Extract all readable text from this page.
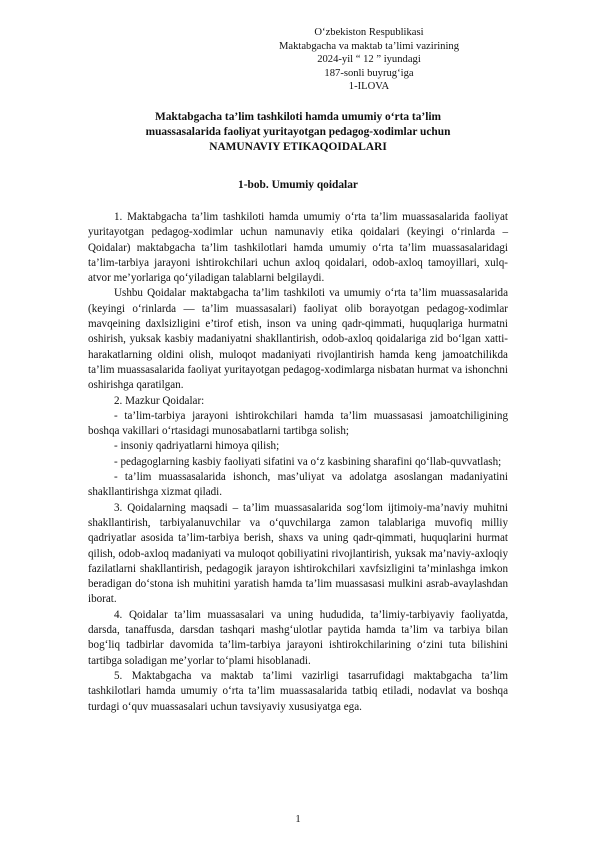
O‘zbekiston Respublikasi
Maktabgacha va maktab ta’limi vazirining
2024-yil “ 12 ” iyundagi
187-sonli buyrug‘iga
1-ILOVA
Maktabgacha ta’lim tashkiloti hamda umumiy o‘rta ta’lim
muassasalarida faoliyat yuritayotgan pedagog-xodimlar uchun
NAMUNAVIY ETIKAQOIDALARI
1-bob. Umumiy qoidalar

1. Maktabgacha ta’lim tashkiloti hamda umumiy o‘rta ta’lim muassasalarida faoliyat yuritayotgan pedagog-xodimlar uchun namunaviy etika qoidalari (keyingi o‘rinlarda – Qoidalar) maktabgacha ta’lim tashkilotlari hamda umumiy o‘rta ta’lim muassasalaridagi ta’lim-tarbiya jarayoni ishtirokchilari uchun axloq qoidalari, odob-axloq tamoyillari, xulq-atvor me’yorlariga qo‘yiladigan talablarni belgilaydi.

Ushbu Qoidalar maktabgacha ta’lim tashkiloti va umumiy o‘rta ta’lim muassasalarida (keyingi o‘rinlarda — ta’lim muassasalari) faoliyat olib borayotgan pedagog-xodimlar mavqeining daxlsizligini e’tirof etish, inson va uning qadr-qimmati, huquqlariga hurmatni oshirish, yuksak kasbiy madaniyatni shakllantirish, odob-axloq qoidalariga zid bo‘lgan xatti-harakatlarning oldini olish, muloqot madaniyati rivojlantirish hamda keng jamoatchilikda ta’lim muassasalarida faoliyat yuritayotgan pedagog-xodimlarga nisbatan hurmat va ishonchni oshirishga qaratilgan.

2. Mazkur Qoidalar:

- ta’lim-tarbiya jarayoni ishtirokchilari hamda ta’lim muassasasi jamoatchiligining boshqa vakillari o‘rtasidagi munosabatlarni tartibga solish;

- insoniy qadriyatlarni himoya qilish;

- pedagoglarning kasbiy faoliyati sifatini va o‘z kasbining sharafini qo‘llab-quvvatlash;

- ta’lim muassasalarida ishonch, mas’uliyat va adolatga asoslangan madaniyatini shakllantirishga xizmat qiladi.

3. Qoidalarning maqsadi – ta’lim muassasalarida sog‘lom ijtimoiy-ma’naviy muhitni shakllantirish, tarbiyalanuvchilar va o‘quvchilarga zamon talablariga muvofiq milliy qadriyatlar asosida ta’lim-tarbiya berish, shaxs va uning qadr-qimmati, huquqlarini hurmat qilish, odob-axloq madaniyati va muloqot qobiliyatini rivojlantirish, yuksak ma’naviy-axloqiy fazilatlarni shakllantirish, pedagogik jarayon ishtirokchilari xavfsizligini ta’minlashga imkon beradigan do‘stona ish muhitini yaratish hamda ta’lim muassasasi mulkini asrab-avaylashdan iborat.

4. Qoidalar ta’lim muassasalari va uning hududida, ta’limiy-tarbiyaviy faoliyatda, darsda, tanaffusda, darsdan tashqari mashg‘ulotlar paytida hamda ta’lim va tarbiya bilan bog‘liq tadbirlar davomida ta’lim-tarbiya jarayoni ishtirokchilarining o‘zini tuta bilishini tartibga soladigan me’yorlar to‘plami hisoblanadi.

5. Maktabgacha va maktab ta’limi vazirligi tasarrufidagi maktabgacha ta’lim tashkilotlari hamda umumiy o‘rta ta’lim muassasalarida tatbiq etiladi, nodavlat va boshqa turdagi o‘quv muassasalari uchun tavsiyaviy xususiyatga ega.

1
